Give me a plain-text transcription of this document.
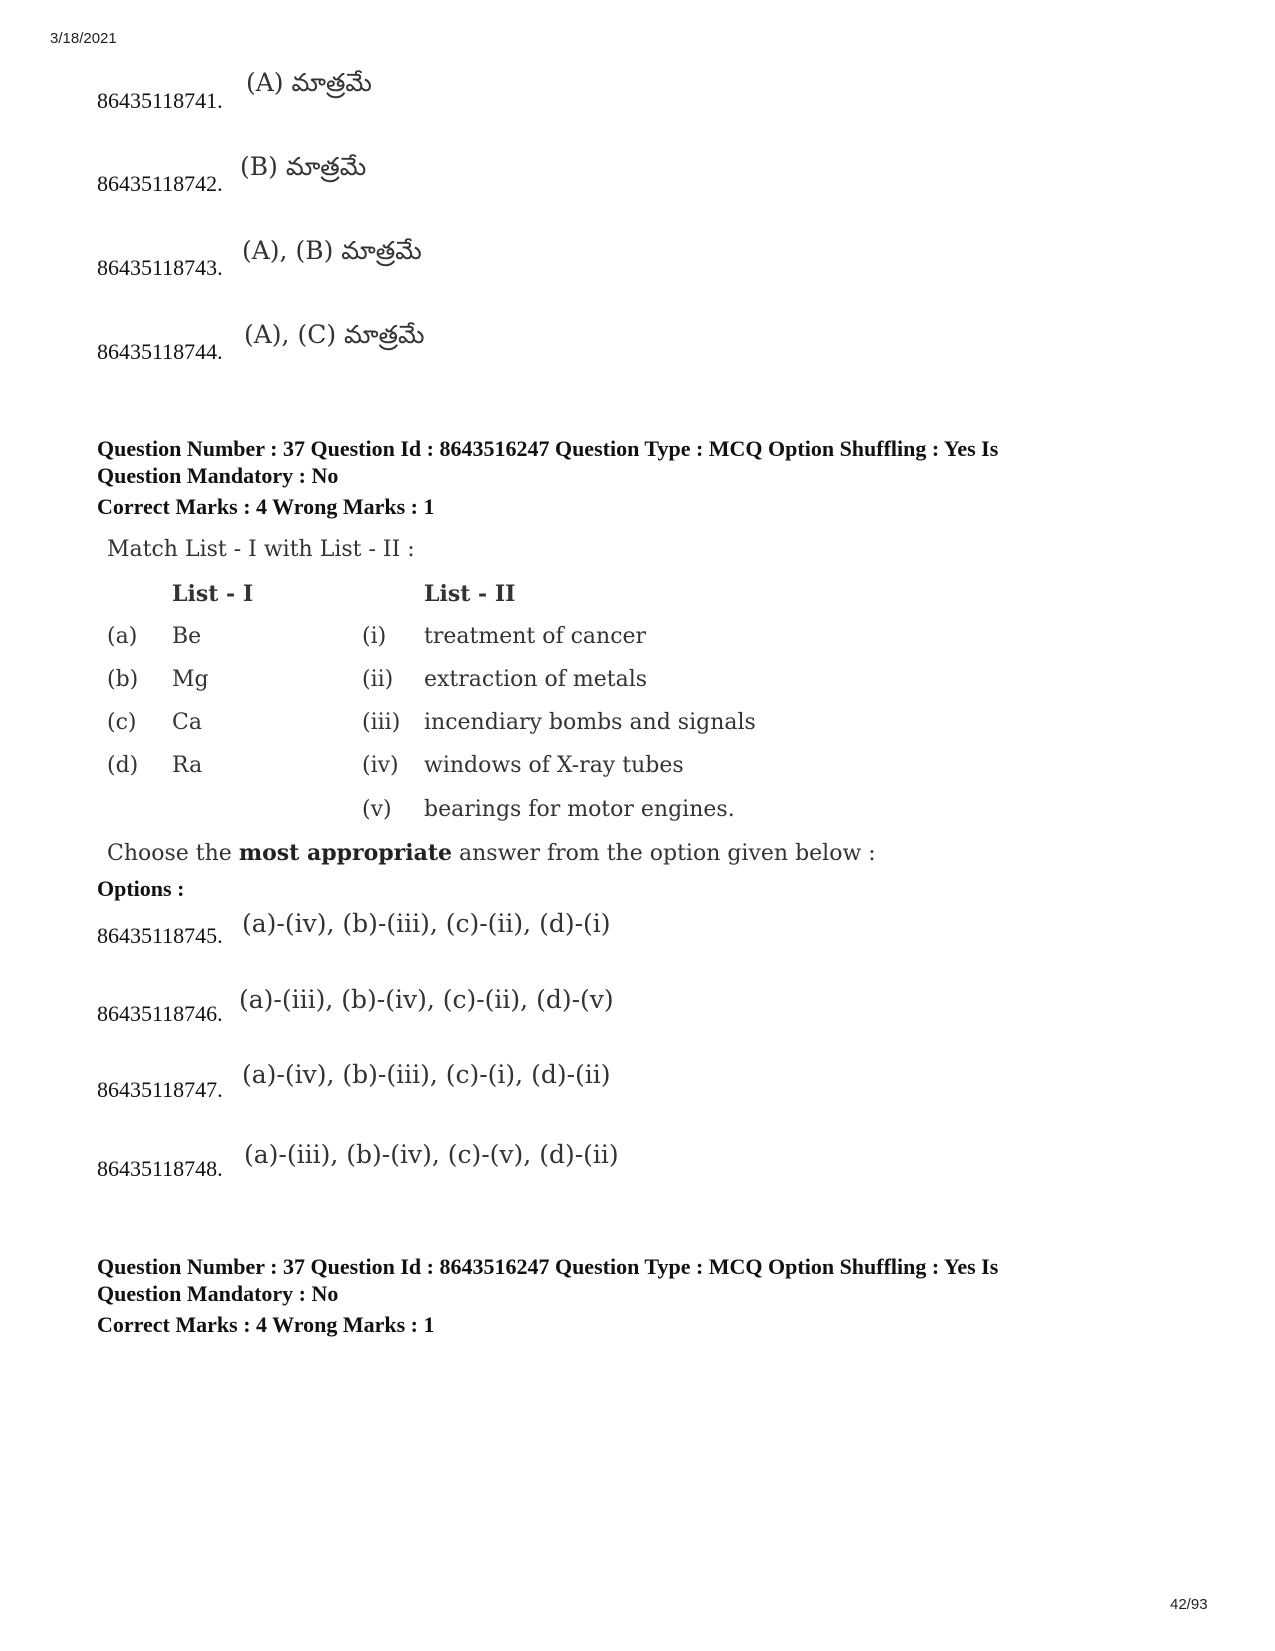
3/18/2021
86435118741.
(A) మాత్రమే
86435118742.
(B) మాత్రమే
86435118743.
(A), (B) మాత్రమే
86435118744.
(A), (C) మాత్రమే
Question Number : 37 Question Id : 8643516247 Question Type : MCQ Option Shuffling : Yes Is
Question Mandatory : No
Correct Marks : 4 Wrong Marks : 1
Match List - I with List - II :
List - I	List - II
(a) Be	(i) treatment of cancer
(b) Mg	(ii) extraction of metals
(c) Ca	(iii) incendiary bombs and signals
(d) Ra	(iv) windows of X-ray tubes
(v) bearings for motor engines.
Choose the most appropriate answer from the option given below :
Options :
86435118745. (a)-(iv), (b)-(iii), (c)-(ii), (d)-(i)
86435118746. (a)-(iii), (b)-(iv), (c)-(ii), (d)-(v)
86435118747.
(a)-(iv), (b)-(iii), (c)-(i), (d)-(ii)
86435118748. (a)-(iii), (b)-(iv), (c)-(v), (d)-(ii)
Question Number : 37 Question Id : 8643516247 Question Type : MCQ Option Shuffling : Yes Is
Question Mandatory : No
Correct Marks : 4 Wrong Marks : 1
42/93
